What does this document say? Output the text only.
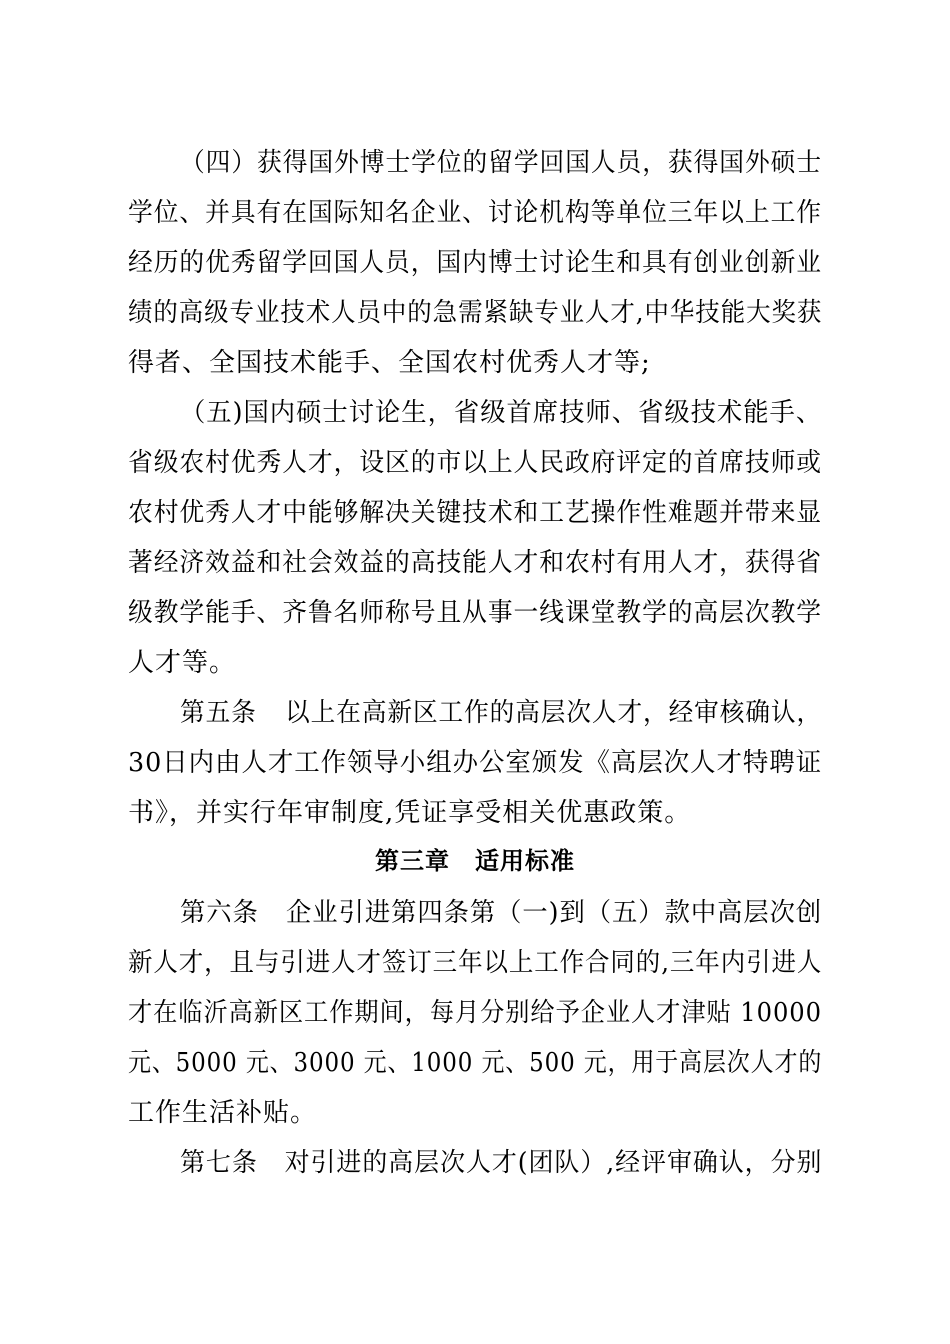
（四）获得国外博士学位的留学回国人员，获得国外硕士
学位、并具有在国际知名企业、讨论机构等单位三年以上工作
经历的优秀留学回国人员，国内博士讨论生和具有创业创新业
绩的高级专业技术人员中的急需紧缺专业人才,中华技能大奖获
得者、全国技术能手、全国农村优秀人才等;
（五)国内硕士讨论生，省级首席技师、省级技术能手、
省级农村优秀人才，设区的市以上人民政府评定的首席技师或
农村优秀人才中能够解决关键技术和工艺操作性难题并带来显
著经济效益和社会效益的高技能人才和农村有用人才，获得省
级教学能手、齐鲁名师称号且从事一线课堂教学的高层次教学
人才等。
第五条 以上在高新区工作的高层次人才，经审核确认，
30日内由人才工作领导小组办公室颁发《高层次人才特聘证
书》，并实行年审制度,凭证享受相关优惠政策。
第三章　适用标准
第六条 企业引进第四条第（一)到（五）款中高层次创
新人才，且与引进人才签订三年以上工作合同的,三年内引进人
才在临沂高新区工作期间，每月分别给予企业人才津贴 10000
元、5000 元、3000 元、1000 元、500 元，用于高层次人才的
工作生活补贴。
第七条 对引进的高层次人才(团队）,经评审确认，分别
